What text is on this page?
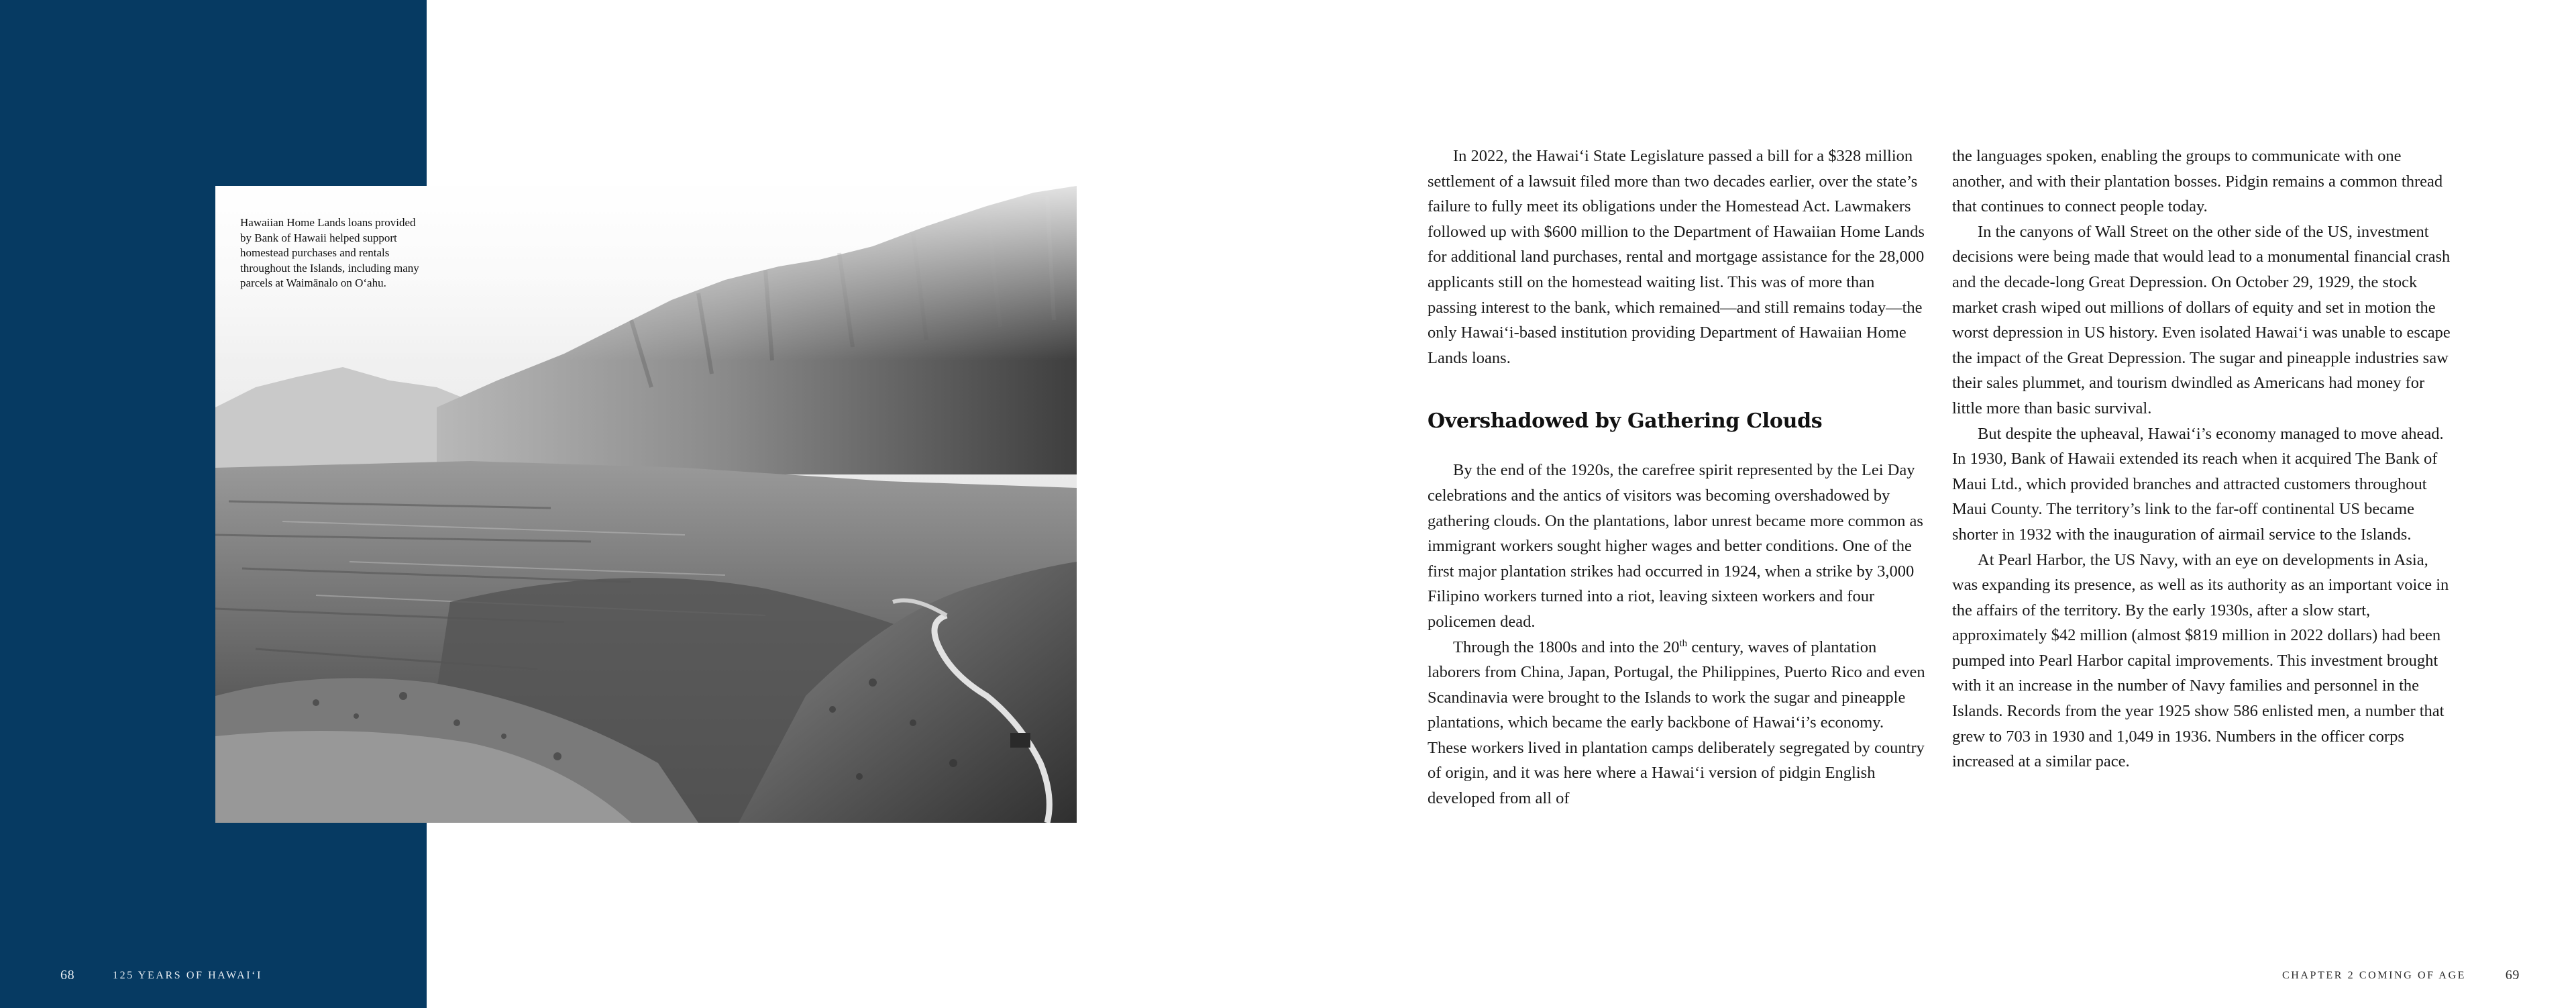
Hawaiian Home Lands loans provided by Bank of Hawaii helped support homestead purchases and rentals throughout the Islands, including many parcels at Waimānalo on O‘ahu.
68	125 YEARS OF HAWAI‘I

In 2022, the Hawai‘i State Legislature passed a bill for a $328 million settlement of a lawsuit filed more than two decades earlier, over the state’s failure to fully meet its obligations under the Homestead Act. Lawmakers followed up with $600 million to the Department of Hawaiian Home Lands for additional land purchases, rental and mortgage assistance for the 28,000 applicants still on the homestead waiting list. This was of more than passing interest to the bank, which remained—and still remains today—the only Hawai‘i-based institution providing Department of Hawaiian Home Lands loans.

Overshadowed by Gathering Clouds

By the end of the 1920s, the carefree spirit represented by the Lei Day celebrations and the antics of visitors was becoming overshadowed by gathering clouds. On the plantations, labor unrest became more common as immigrant workers sought higher wages and better conditions. One of the first major plantation strikes had occurred in 1924, when a strike by 3,000 Filipino workers turned into a riot, leaving sixteen workers and four policemen dead.

Through the 1800s and into the 20th century, waves of plantation laborers from China, Japan, Portugal, the Philippines, Puerto Rico and even Scandinavia were brought to the Islands to work the sugar and pineapple plantations, which became the early backbone of Hawai‘i’s economy. These workers lived in plantation camps deliberately segregated by country of origin, and it was here where a Hawai‘i version of pidgin English developed from all of

the languages spoken, enabling the groups to communicate with one another, and with their plantation bosses. Pidgin remains a common thread that continues to connect people today.

In the canyons of Wall Street on the other side of the US, investment decisions were being made that would lead to a monumental financial crash and the decade-long Great Depression. On October 29, 1929, the stock market crash wiped out millions of dollars of equity and set in motion the worst depression in US history. Even isolated Hawai‘i was unable to escape the impact of the Great Depression. The sugar and pineapple industries saw their sales plummet, and tourism dwindled as Americans had money for little more than basic survival.

But despite the upheaval, Hawai‘i’s economy managed to move ahead. In 1930, Bank of Hawaii extended its reach when it acquired The Bank of Maui Ltd., which provided branches and attracted customers throughout Maui County. The territory’s link to the far-off continental US became shorter in 1932 with the inauguration of airmail service to the Islands.

At Pearl Harbor, the US Navy, with an eye on developments in Asia, was expanding its presence, as well as its authority as an important voice in the affairs of the territory. By the early 1930s, after a slow start, approximately $42 million (almost $819 million in 2022 dollars) had been pumped into Pearl Harbor capital improvements. This investment brought with it an increase in the number of Navy families and personnel in the Islands. Records from the year 1925 show 586 enlisted men, a number that grew to 703 in 1930 and 1,049 in 1936. Numbers in the officer corps increased at a similar pace.

CHAPTER 2 COMING OF AGE	69
